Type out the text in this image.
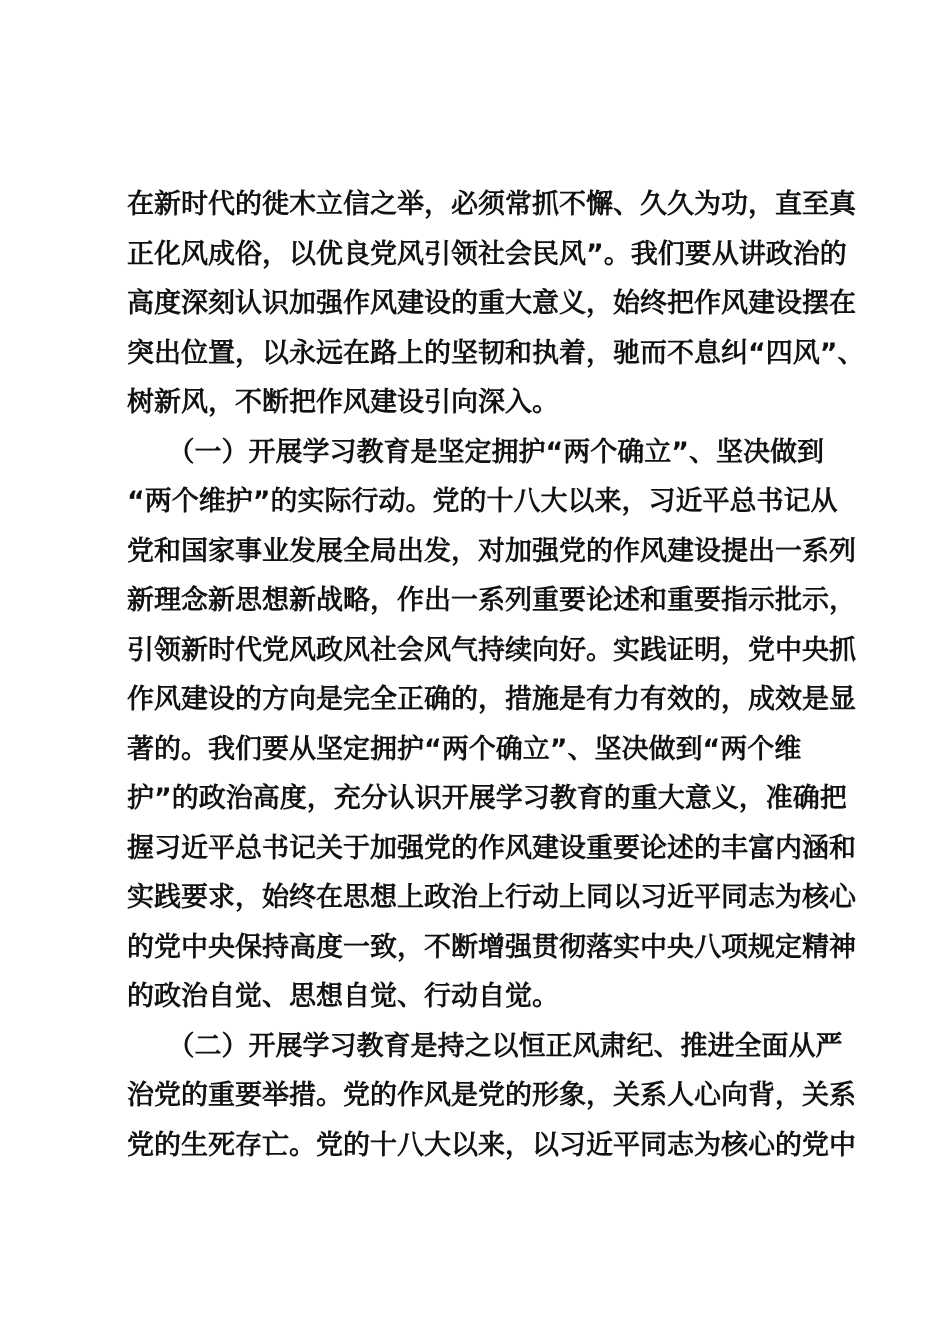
在新时代的徙木立信之举，必须常抓不懈、久久为功，直至真
正化风成俗，以优良党风引领社会民风”。我们要从讲政治的
高度深刻认识加强作风建设的重大意义，始终把作风建设摆在
突出位置，以永远在路上的坚韧和执着，驰而不息纠“四风”、
树新风，不断把作风建设引向深入。
　　（一）开展学习教育是坚定拥护“两个确立”、坚决做到
“两个维护”的实际行动。党的十八大以来，习近平总书记从
党和国家事业发展全局出发，对加强党的作风建设提出一系列
新理念新思想新战略，作出一系列重要论述和重要指示批示，
引领新时代党风政风社会风气持续向好。实践证明，党中央抓
作风建设的方向是完全正确的，措施是有力有效的，成效是显
著的。我们要从坚定拥护“两个确立”、坚决做到“两个维
护”的政治高度，充分认识开展学习教育的重大意义，准确把
握习近平总书记关于加强党的作风建设重要论述的丰富内涵和
实践要求，始终在思想上政治上行动上同以习近平同志为核心
的党中央保持高度一致，不断增强贯彻落实中央八项规定精神
的政治自觉、思想自觉、行动自觉。
　　（二）开展学习教育是持之以恒正风肃纪、推进全面从严
治党的重要举措。党的作风是党的形象，关系人心向背，关系
党的生死存亡。党的十八大以来，以习近平同志为核心的党中
